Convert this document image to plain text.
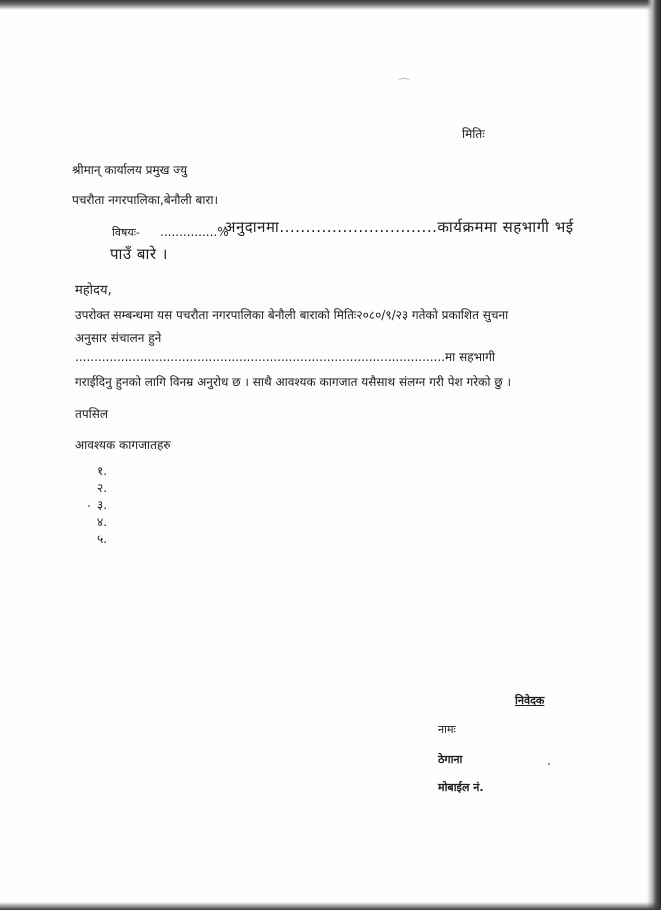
मितिः
श्रीमान् कार्यालय प्रमुख ज्यु
पचरौता नगरपालिका,बेनौली बारा।
विषयः- ...............%
अनुदानमा..............................कार्यक्रममा सहभागी भई
पाउँ बारे ।
महोदय,
उपरोक्त सम्बन्धमा यस पचरौता नगरपालिका बेनौली बाराको मितिः२०८०/९/२३ गतेको प्रकाशित सुचना
अनुसार संचालन हुने
.................................................................................................मा सहभागी
गराईदिनु हुनको लागि विनम्र अनुरोध छ । साथै आवश्यक कागजात यसैसाथ संलग्न गरी पेश गरेको छु ।
तपसिल
आवश्यक कागजातहरु
१.
२.
३.
४.
५.
निवेदक
नामः
ठेगाना
मोबाईल नं.
